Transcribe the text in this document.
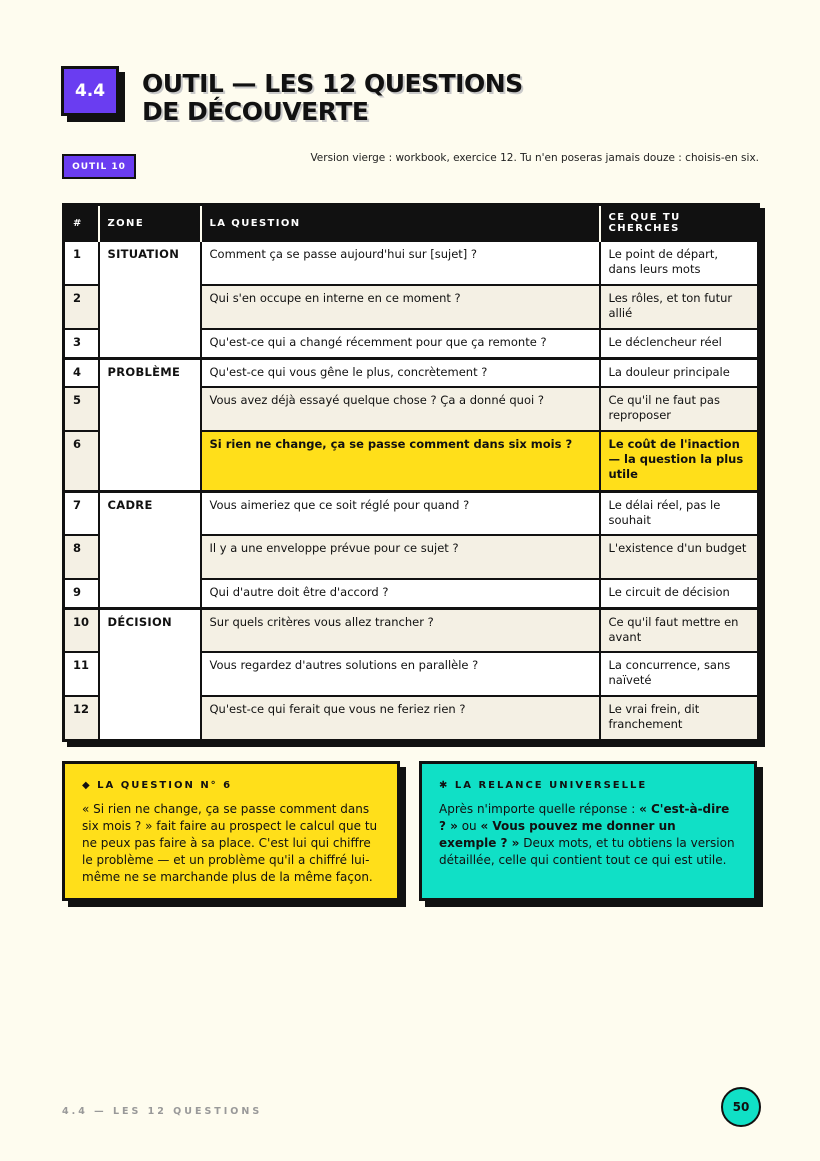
4.4	OUTIL — LES 12 QUESTIONS
DE DÉCOUVERTE
OUTIL 10
Version vierge : workbook, exercice 12. Tu n'en poseras jamais douze : choisis-en six.
#	ZONE	LA QUESTION	CE QUE TU CHERCHES
1	SITUATION	Comment ça se passe aujourd'hui sur [sujet] ?	Le point de départ, dans leurs mots
2		Qui s'en occupe en interne en ce moment ?	Les rôles, et ton futur allié
3		Qu'est-ce qui a changé récemment pour que ça remonte ?	Le déclencheur réel
4	PROBLÈME	Qu'est-ce qui vous gêne le plus, concrètement ?	La douleur principale
5		Vous avez déjà essayé quelque chose ? Ça a donné quoi ?	Ce qu'il ne faut pas reproposer
6		Si rien ne change, ça se passe comment dans six mois ?	Le coût de l'inaction — la question la plus utile
7	CADRE	Vous aimeriez que ce soit réglé pour quand ?	Le délai réel, pas le souhait
8		Il y a une enveloppe prévue pour ce sujet ?	L'existence d'un budget
9		Qui d'autre doit être d'accord ?	Le circuit de décision
10	DÉCISION	Sur quels critères vous allez trancher ?	Ce qu'il faut mettre en avant
11		Vous regardez d'autres solutions en parallèle ?	La concurrence, sans naïveté
12		Qu'est-ce qui ferait que vous ne feriez rien ?	Le vrai frein, dit franchement
◆ LA QUESTION N° 6
« Si rien ne change, ça se passe comment dans six mois ? » fait faire au prospect le calcul que tu ne peux pas faire à sa place. C'est lui qui chiffre le problème — et un problème qu'il a chiffré lui-même ne se marchande plus de la même façon.
✱ LA RELANCE UNIVERSELLE
Après n'importe quelle réponse : « C'est-à-dire ? » ou « Vous pouvez me donner un exemple ? » Deux mots, et tu obtiens la version détaillée, celle qui contient tout ce qui est utile.
4.4 — LES 12 QUESTIONS	50
